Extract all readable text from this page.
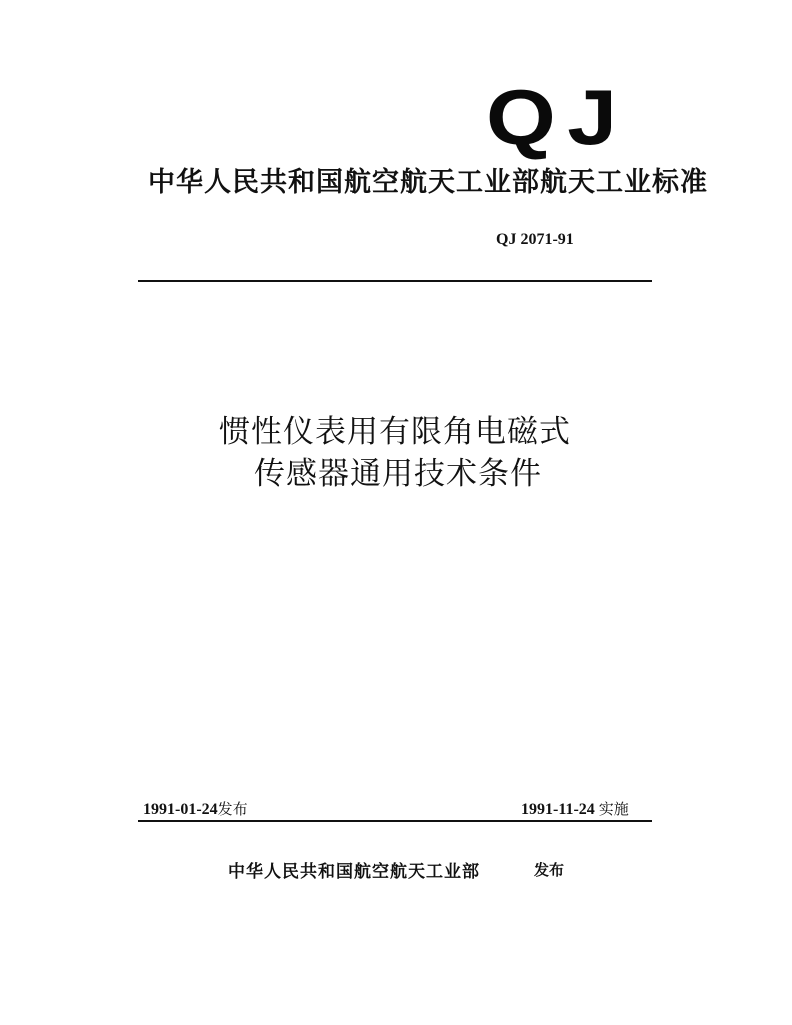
QJ
中华人民共和国航空航天工业部航天工业标准
QJ 2071-91
惯性仪表用有限角电磁式
传感器通用技术条件
1991-01-24发布	1991-11-24 实施
中华人民共和国航空航天工业部	发布
